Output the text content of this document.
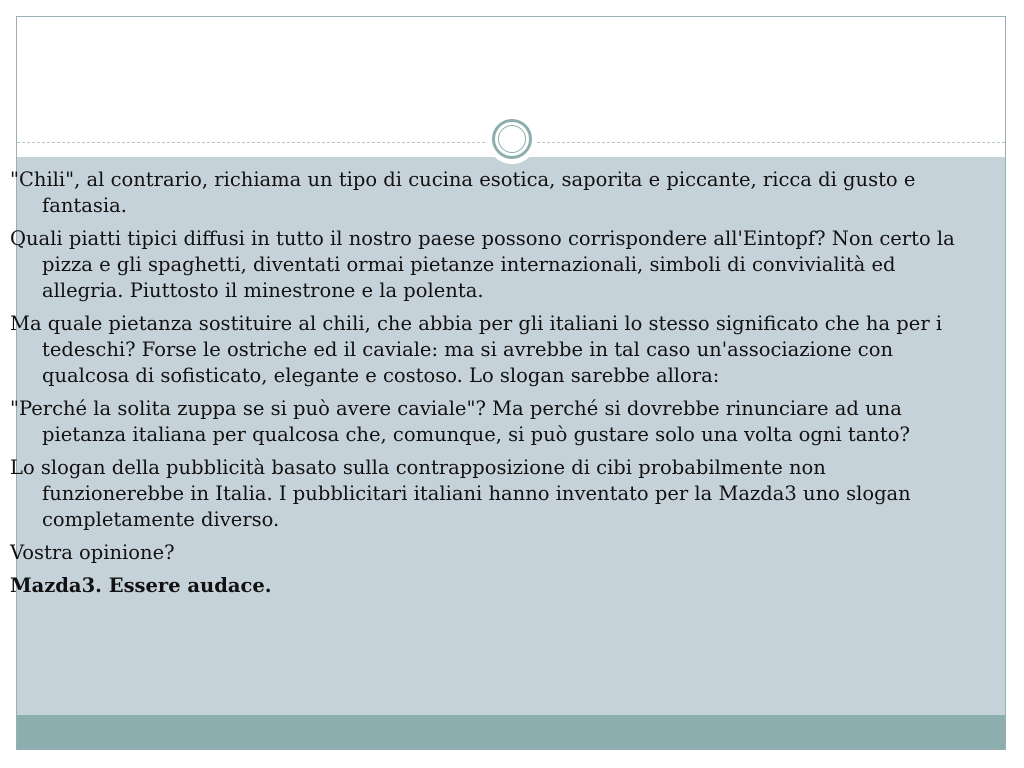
"Chili", al contrario, richiama un tipo di cucina esotica, saporita e piccante, ricca di gusto e fantasia.

Quali piatti tipici diffusi in tutto il nostro paese possono corrispondere all'Eintopf? Non certo la pizza e gli spaghetti, diventati ormai pietanze internazionali, simboli di convivialità ed allegria. Piuttosto il minestrone e la polenta.

Ma quale pietanza sostituire al chili, che abbia per gli italiani lo stesso significato che ha per i tedeschi? Forse le ostriche ed il caviale: ma si avrebbe in tal caso un'associazione con qualcosa di sofisticato, elegante e costoso. Lo slogan sarebbe allora:

"Perché la solita zuppa se si può avere caviale"? Ma perché si dovrebbe rinunciare ad una pietanza italiana per qualcosa che, comunque, si può gustare solo una volta ogni tanto?

Lo slogan della pubblicità basato sulla contrapposizione di cibi probabilmente non funzionerebbe in Italia. I pubblicitari italiani hanno inventato per la Mazda3 uno slogan completamente diverso.

Vostra opinione?

Mazda3. Essere audace.
